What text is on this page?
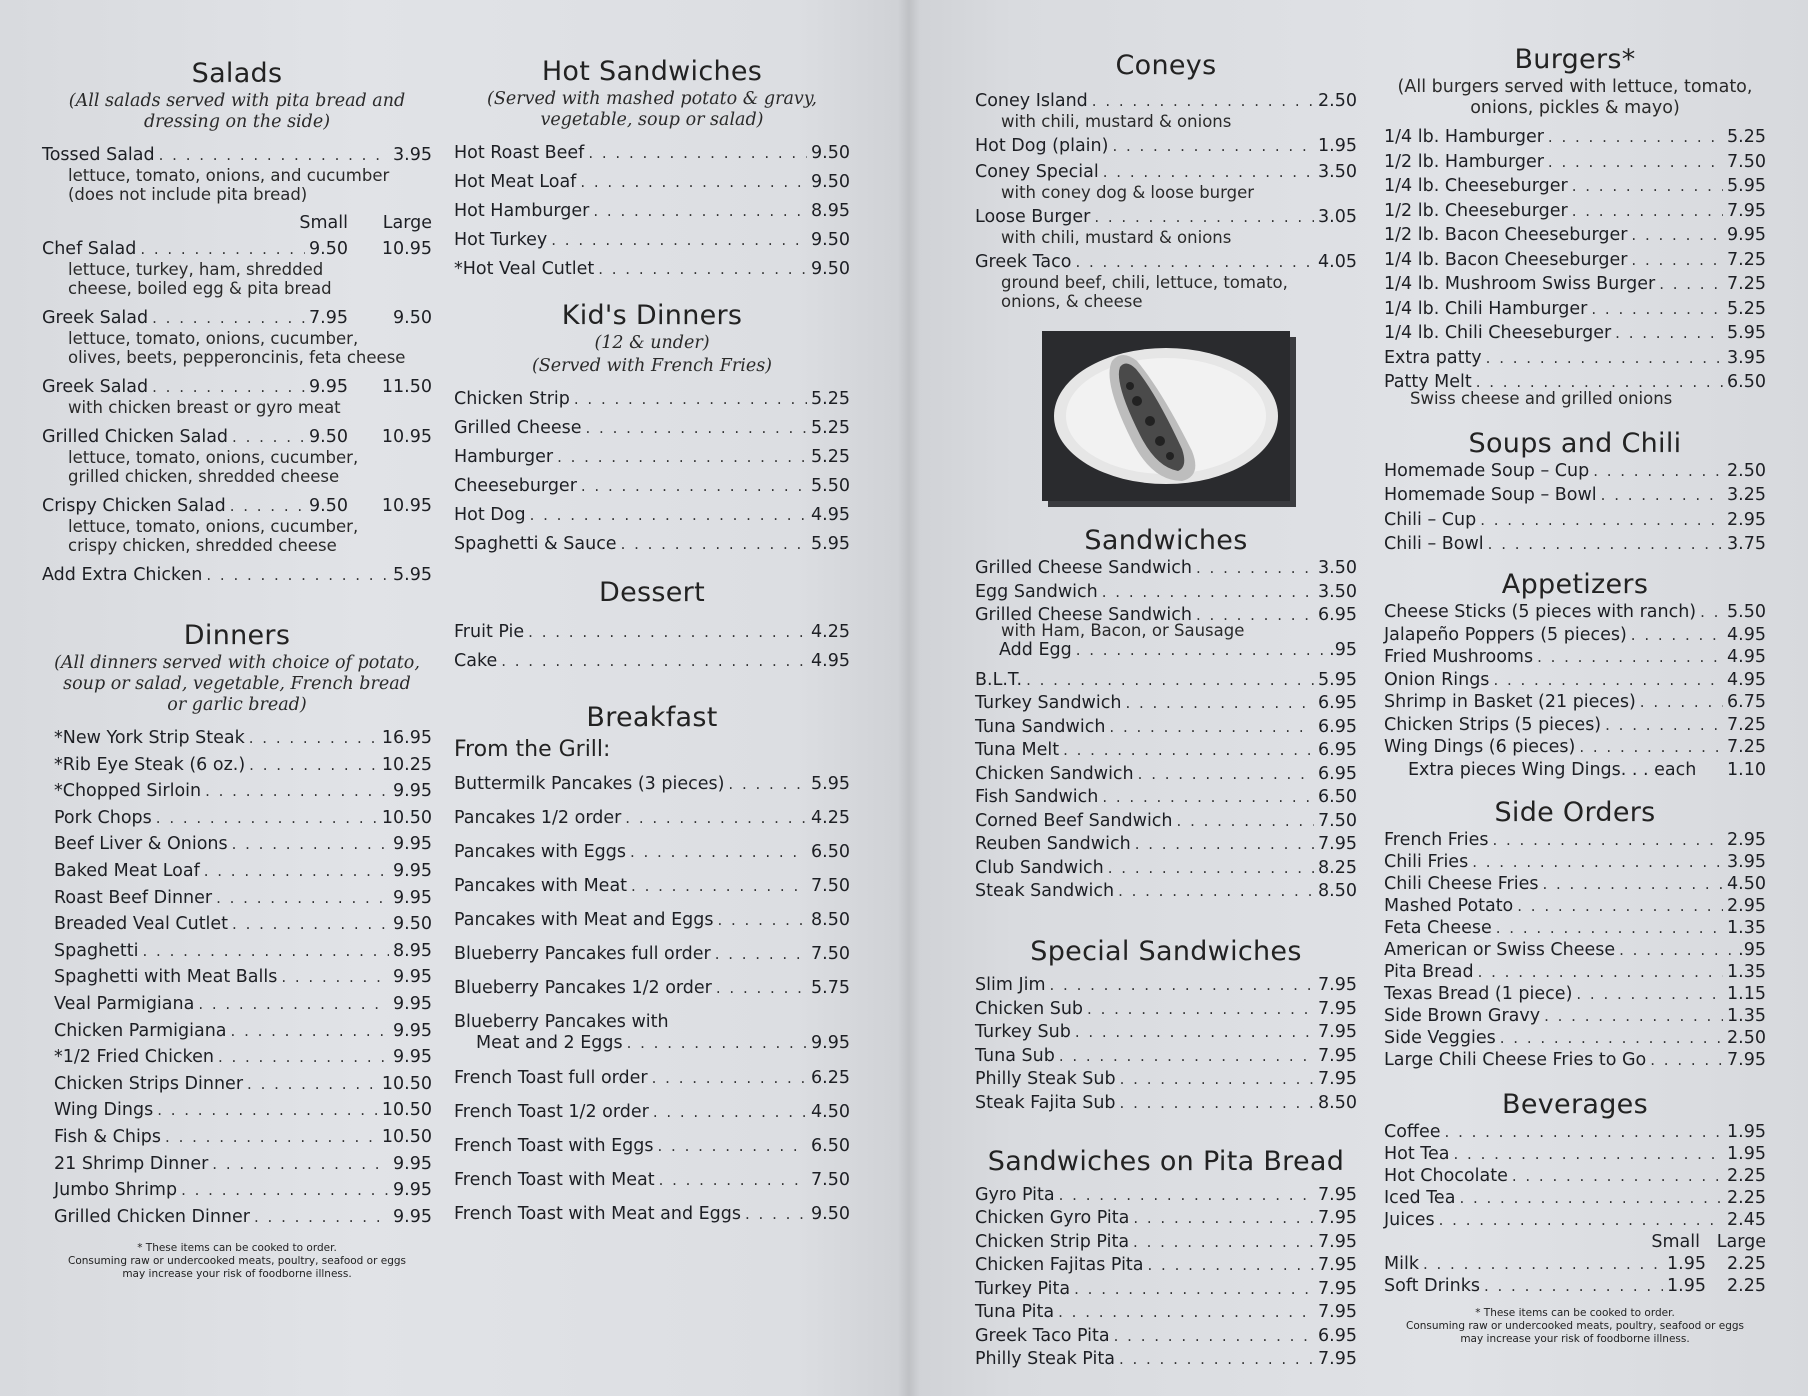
Salads
(All salads served with pita bread and dressing on the side)
Tossed Salad . . .	3.95
lettuce, tomato, onions, and cucumber
(does not include pita bread)
Small	Large
Chef Salad . . .	9.50	10.95
lettuce, turkey, ham, shredded
cheese, boiled egg & pita bread
Greek Salad . . .	7.95	9.50
lettuce, tomato, onions, cucumber,
olives, beets, pepperoncinis, feta cheese
Greek Salad . . .	9.95	11.50
with chicken breast or gyro meat
Grilled Chicken Salad . . .	9.50	10.95
lettuce, tomato, onions, cucumber,
grilled chicken, shredded cheese
Crispy Chicken Salad . . .	9.50	10.95
lettuce, tomato, onions, cucumber,
crispy chicken, shredded cheese
Add Extra Chicken . . .	5.95
Dinners
(All dinners served with choice of potato, soup or salad, vegetable, French bread or garlic bread)
*New York Strip Steak . . .	16.95
*Rib Eye Steak (6 oz.) . . .	10.25
*Chopped Sirloin . . .	9.95
Pork Chops . . .	10.50
Beef Liver & Onions . . .	9.95
Baked Meat Loaf . . .	9.95
Roast Beef Dinner . . .	9.95
Breaded Veal Cutlet . . .	9.50
Spaghetti . . .	8.95
Spaghetti with Meat Balls . . .	9.95
Veal Parmigiana . . .	9.95
Chicken Parmigiana . . .	9.95
*1/2 Fried Chicken . . .	9.95
Chicken Strips Dinner . . .	10.50
Wing Dings . . .	10.50
Fish & Chips . . .	10.50
21 Shrimp Dinner . . .	9.95
Jumbo Shrimp . . .	9.95
Grilled Chicken Dinner . . .	9.95
* These items can be cooked to order.
Consuming raw or undercooked meats, poultry, seafood or eggs
may increase your risk of foodborne illness.
Hot Sandwiches
(Served with mashed potato & gravy, vegetable, soup or salad)
Hot Roast Beef . . .	9.50
Hot Meat Loaf . . .	9.50
Hot Hamburger . . .	8.95
Hot Turkey . . .	9.50
*Hot Veal Cutlet . . .	9.50
Kid's Dinners
(12 & under)
(Served with French Fries)
Chicken Strip . . .	5.25
Grilled Cheese . . .	5.25
Hamburger . . .	5.25
Cheeseburger . . .	5.50
Hot Dog . . .	4.95
Spaghetti & Sauce . . .	5.95
Dessert
Fruit Pie . . .	4.25
Cake . . .	4.95
Breakfast
From the Grill:
Buttermilk Pancakes (3 pieces) . . .	5.95
Pancakes 1/2 order . . .	4.25
Pancakes with Eggs . . .	6.50
Pancakes with Meat . . .	7.50
Pancakes with Meat and Eggs . . .	8.50
Blueberry Pancakes full order . . .	7.50
Blueberry Pancakes 1/2 order . . .	5.75
Blueberry Pancakes with
Meat and 2 Eggs . . .	9.95
French Toast full order . . .	6.25
French Toast 1/2 order . . .	4.50
French Toast with Eggs . . .	6.50
French Toast with Meat . . .	7.50
French Toast with Meat and Eggs . . .	9.50
Coneys
Coney Island . . .	2.50
with chili, mustard & onions
Hot Dog (plain) . . .	1.95
Coney Special . . .	3.50
with coney dog & loose burger
Loose Burger . . .	3.05
with chili, mustard & onions
Greek Taco . . .	4.05
ground beef, chili, lettuce, tomato,
onions, & cheese
Sandwiches
Grilled Cheese Sandwich . . .	3.50
Egg Sandwich . . .	3.50
Grilled Cheese Sandwich . . .	6.95
with Ham, Bacon, or Sausage
Add Egg . . .	.95
B.L.T. . . .	5.95
Turkey Sandwich . . .	6.95
Tuna Sandwich . . .	6.95
Tuna Melt . . .	6.95
Chicken Sandwich . . .	6.95
Fish Sandwich . . .	6.50
Corned Beef Sandwich . . .	7.50
Reuben Sandwich . . .	7.95
Club Sandwich . . .	8.25
Steak Sandwich . . .	8.50
Special Sandwiches
Slim Jim . . .	7.95
Chicken Sub . . .	7.95
Turkey Sub . . .	7.95
Tuna Sub . . .	7.95
Philly Steak Sub . . .	7.95
Steak Fajita Sub . . .	8.50
Sandwiches on Pita Bread
Gyro Pita . . .	7.95
Chicken Gyro Pita . . .	7.95
Chicken Strip Pita . . .	7.95
Chicken Fajitas Pita . . .	7.95
Turkey Pita . . .	7.95
Tuna Pita . . .	7.95
Greek Taco Pita . . .	6.95
Philly Steak Pita . . .	7.95
Burgers*
(All burgers served with lettuce, tomato, onions, pickles & mayo)
1/4 lb. Hamburger . . .	5.25
1/2 lb. Hamburger . . .	7.50
1/4 lb. Cheeseburger . . .	5.95
1/2 lb. Cheeseburger . . .	7.95
1/2 lb. Bacon Cheeseburger . . .	9.95
1/4 lb. Bacon Cheeseburger . . .	7.25
1/4 lb. Mushroom Swiss Burger . . .	7.25
1/4 lb. Chili Hamburger . . .	5.25
1/4 lb. Chili Cheeseburger . . .	5.95
Extra patty . . .	3.95
Patty Melt . . .	6.50
Swiss cheese and grilled onions
Soups and Chili
Homemade Soup – Cup . . .	2.50
Homemade Soup – Bowl . . .	3.25
Chili – Cup . . .	2.95
Chili – Bowl . . .	3.75
Appetizers
Cheese Sticks (5 pieces with ranch) . . . 5.50
Jalapeño Poppers (5 pieces) . . .	4.95
Fried Mushrooms . . .	4.95
Onion Rings . . .	4.95
Shrimp in Basket (21 pieces) . . .	6.75
Chicken Strips (5 pieces) . . .	7.25
Wing Dings (6 pieces) . . .	7.25
Extra pieces Wing Dings. . . each 1.10
Side Orders
French Fries . . .	2.95
Chili Fries . . .	3.95
Chili Cheese Fries . . .	4.50
Mashed Potato . . .	2.95
Feta Cheese . . .	1.35
American or Swiss Cheese . . .	.95
Pita Bread . . .	1.35
Texas Bread (1 piece) . . .	1.15
Side Brown Gravy . . .	1.35
Side Veggies . . .	2.50
Large Chili Cheese Fries to Go . . .	7.95
Beverages
Coffee . . .	1.95
Hot Tea . . .	1.95
Hot Chocolate . . .	2.25
Iced Tea . . .	2.25
Juices . . .	2.45
Small Large
Milk . . .	1.95	2.25
Soft Drinks . . .	1.95	2.25
* These items can be cooked to order.
Consuming raw or undercooked meats, poultry, seafood or eggs
may increase your risk of foodborne illness.
